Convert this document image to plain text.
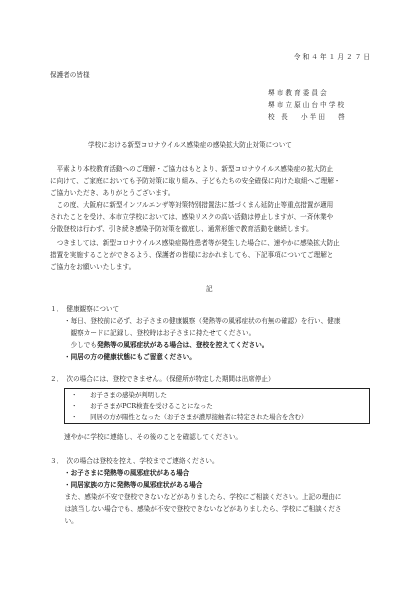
令 和 ４ 年 １ 月 ２ ７ 日
保護者の皆様
堺 市 教 育 委 員 会
堺 市 立 原 山 台 中 学 校
校　長　　小 半 田　　啓
学校における新型コロナウイルス感染症の感染拡大防止対策について
　平素より本校教育活動へのご理解・ご協力はもとより、新型コロナウイルス感染症の拡大防止
に向けて、ご家庭においても予防対策に取り組み、子どもたちの安全確保に向けた取組へご理解・
ご協力いただき、ありがとうございます。
　この度、大阪府に新型インフルエンザ等対策特別措置法に基づくまん延防止等重点措置が適用
されたことを受け、本市立学校においては、感染リスクの高い活動は停止しますが、一斉休業や
分散登校は行わず、引き続き感染予防対策を徹底し、通常形態で教育活動を継続します。
　つきましては、新型コロナウイルス感染症陽性患者等が発生した場合に、速やかに感染拡大防止
措置を実施することができるよう、保護者の皆様におかれましても、下記事項についてご理解と
ご協力をお願いいたします。
記
１．　健康観察について
・毎日、登校前に必ず、お子さまの健康観察（発熱等の風邪症状の有無の確認）を行い、健康
　観察カードに記録し、登校時はお子さまに持たせてください。
　少しでも発熱等の風邪症状がある場合は、登校を控えてください。
・同居の方の健康状態にもご留意ください。
２．　次の場合には、登校できません。（保健所が特定した期間は出席停止）
・　　お子さまの感染が判明した
・　　お子さまがPCR検査を受けることになった
・　　同居の方が陽性となった（お子さまが濃厚接触者に特定された場合を含む）
速やかに学校に連絡し、その後のことを確認してください。
３．　次の場合は登校を控え、学校までご連絡ください。
・お子さまに発熱等の風邪症状がある場合
・同居家族の方に発熱等の風邪症状がある場合
　また、感染が不安で登校できないなどがありましたら、学校にご相談ください。上記の理由に
　は該当しない場合でも、感染が不安で登校できないなどがありましたら、学校にご相談くださ
　い。
